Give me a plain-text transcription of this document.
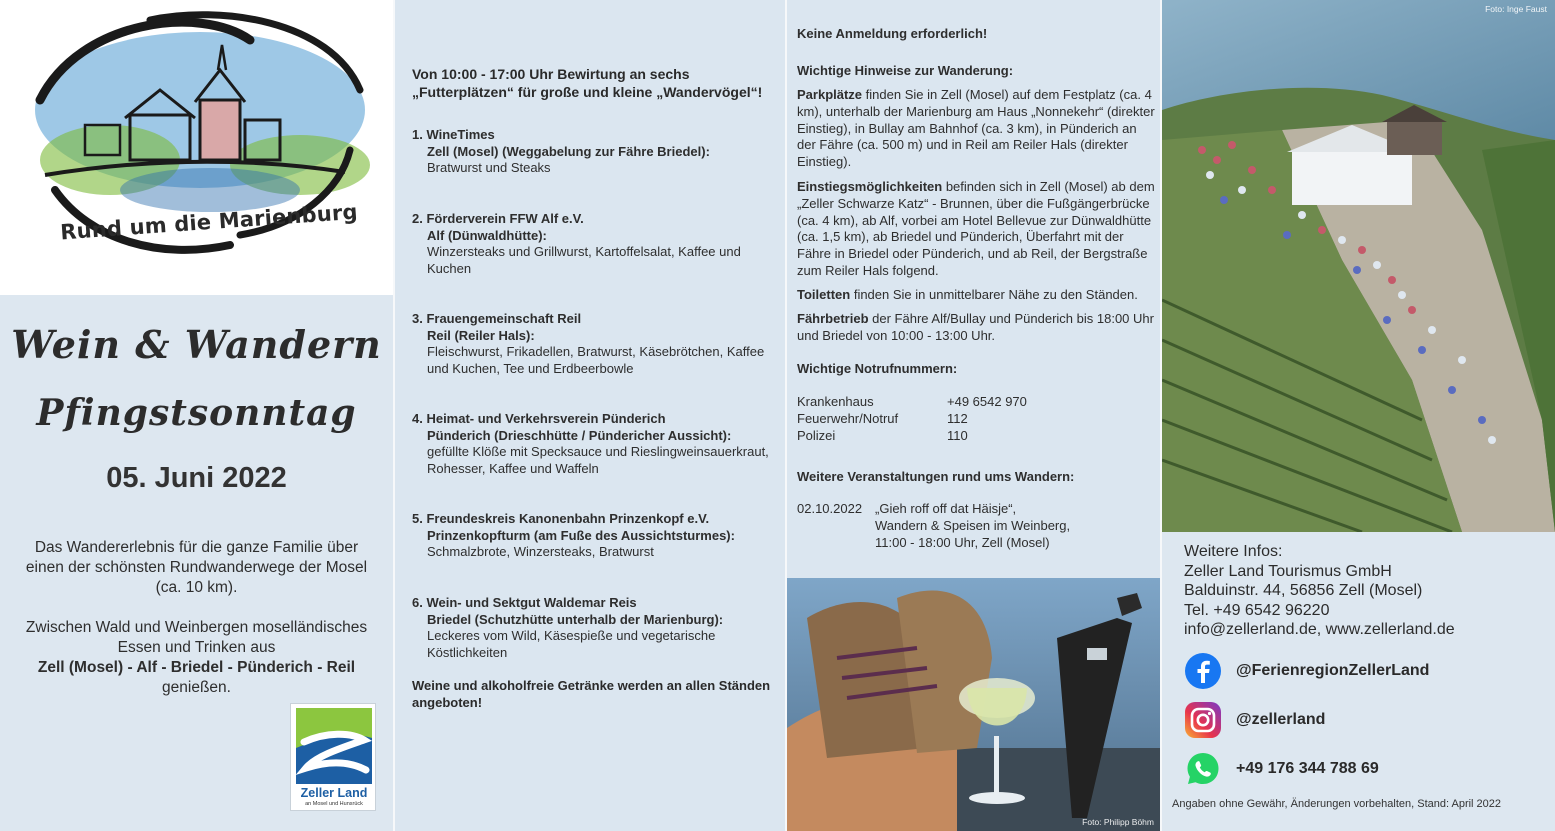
Rund um die Marienburg
Wein & Wandern
Pfingstsonntag
05. Juni 2022
Das Wandererlebnis für die ganze Familie über einen der schönsten Rundwanderwege der Mosel (ca. 10 km).
Zwischen Wald und Weinbergen moselländisches Essen und Trinken aus
Zell (Mosel) - Alf - Briedel - Pünderich - Reil
genießen.
Zeller Land
an Mosel und Hunsrück
Von 10:00 - 17:00 Uhr Bewirtung an sechs „Futterplätzen“ für große und kleine „Wandervögel“!
1. WineTimes
Zell (Mosel) (Weggabelung zur Fähre Briedel):
Bratwurst und Steaks
2. Förderverein FFW Alf e.V.
Alf (Dünwaldhütte):
Winzersteaks und Grillwurst, Kartoffelsalat, Kaffee und Kuchen
3. Frauengemeinschaft Reil
Reil (Reiler Hals):
Fleischwurst, Frikadellen, Bratwurst, Käsebrötchen, Kaffee und Kuchen, Tee und Erdbeerbowle
4. Heimat- und Verkehrsverein Pünderich
Pünderich (Drieschhütte / Pündericher Aussicht):
gefüllte Klöße mit Specksauce und Rieslingweinsauerkraut, Rohesser, Kaffee und Waffeln
5. Freundeskreis Kanonenbahn Prinzenkopf e.V.
Prinzenkopfturm (am Fuße des Aussichtsturmes):
Schmalzbrote, Winzersteaks, Bratwurst
6. Wein- und Sektgut Waldemar Reis
Briedel (Schutzhütte unterhalb der Marienburg):
Leckeres vom Wild, Käsespieße und vegetarische Köstlichkeiten
Weine und alkoholfreie Getränke werden an allen Ständen angeboten!
Keine Anmeldung erforderlich!
Wichtige Hinweise zur Wanderung:
Parkplätze finden Sie in Zell (Mosel) auf dem Festplatz (ca. 4 km), unterhalb der Marienburg am Haus „Nonnekehr“ (direkter Einstieg), in Bullay am Bahnhof (ca. 3 km), in Pünderich an der Fähre (ca. 500 m) und in Reil am Reiler Hals (direkter Einstieg).
Einstiegsmöglichkeiten befinden sich in Zell (Mosel) ab dem „Zeller Schwarze Katz“ - Brunnen, über die Fußgängerbrücke (ca. 4 km), ab Alf, vorbei am Hotel Bellevue zur Dünwaldhütte (ca. 1,5 km), ab Briedel und Pünderich, Überfahrt mit der Fähre in Briedel oder Pünderich, und ab Reil, der Bergstraße zum Reiler Hals folgend.
Toiletten finden Sie in unmittelbarer Nähe zu den Ständen.
Fährbetrieb der Fähre Alf/Bullay und Pünderich bis 18:00 Uhr und Briedel von 10:00 - 13:00 Uhr.
Wichtige Notrufnummern:
Krankenhaus	+49 6542 970
Feuerwehr/Notruf	112
Polizei	110
Weitere Veranstaltungen rund ums Wandern:
02.10.2022 „Gieh roff off dat Häisje“,
Wandern & Speisen im Weinberg,
11:00 - 18:00 Uhr, Zell (Mosel)
Foto: Philipp Böhm
Foto: Inge Faust
Weitere Infos:
Zeller Land Tourismus GmbH
Balduinstr. 44, 56856 Zell (Mosel)
Tel. +49 6542 96220
info@zellerland.de, www.zellerland.de
@FerienregionZellerLand
@zellerland
+49 176 344 788 69
Angaben ohne Gewähr, Änderungen vorbehalten, Stand: April 2022
